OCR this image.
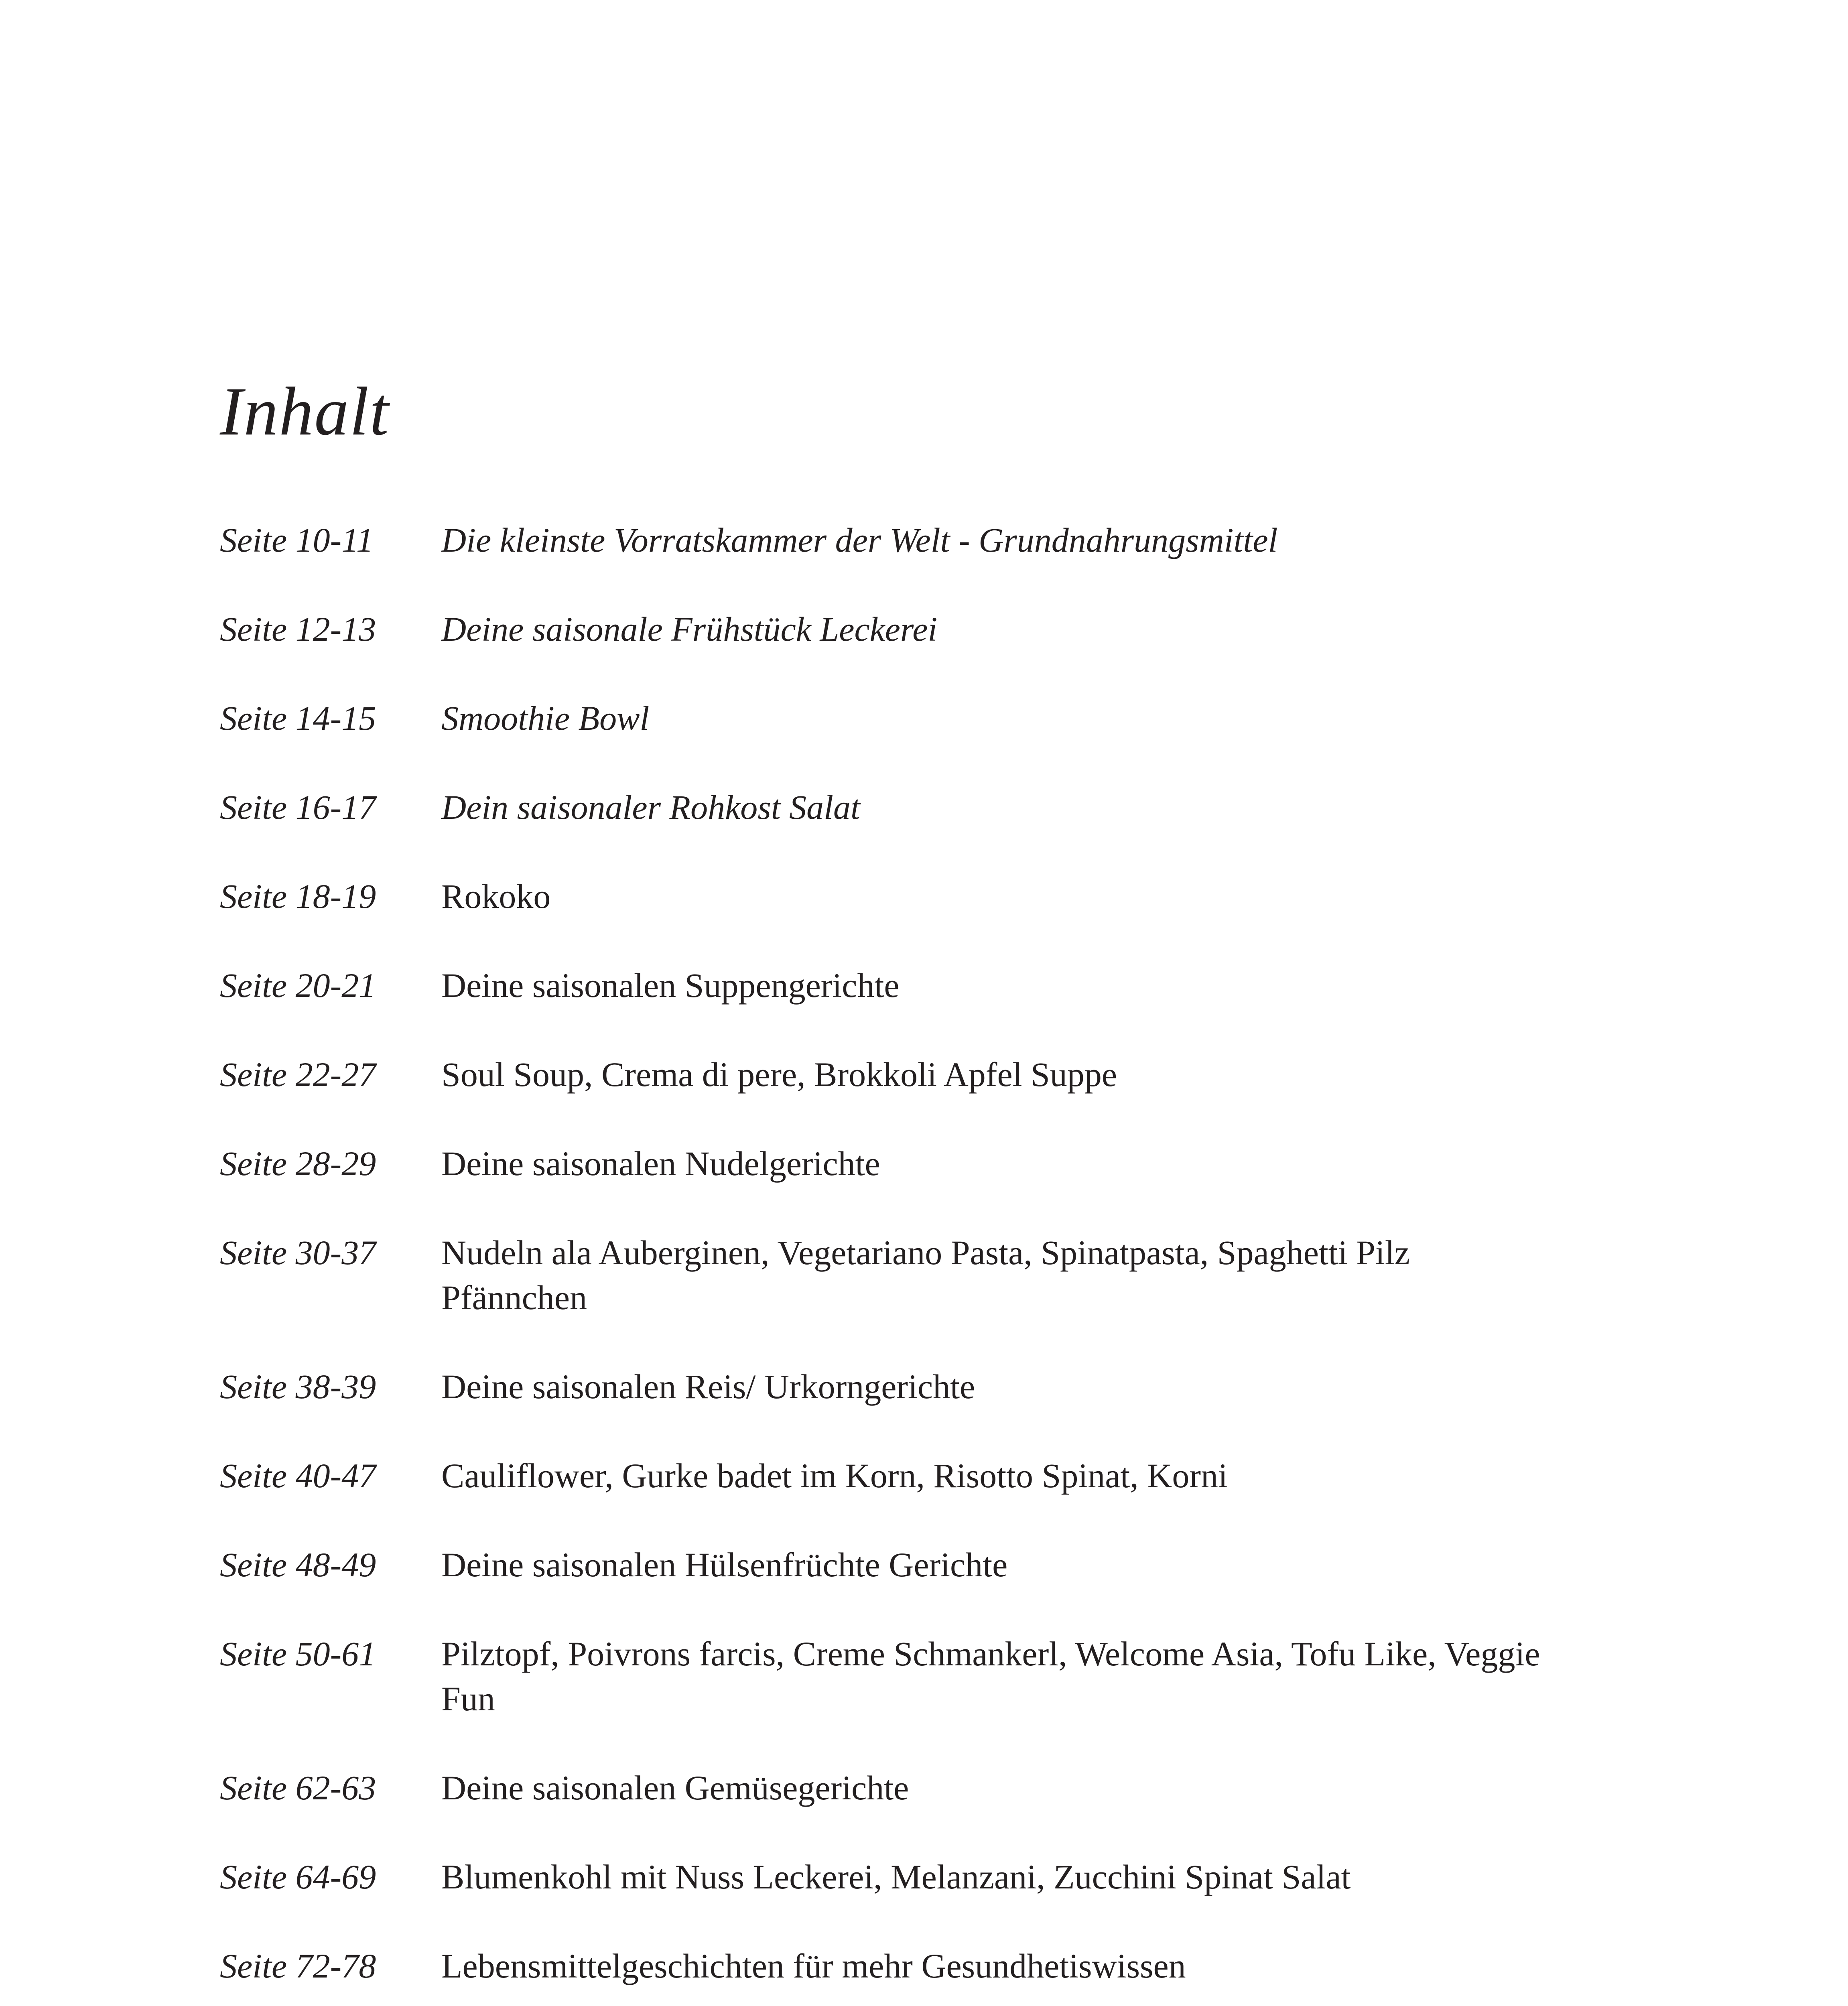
Inhalt
Seite 10-11	Die kleinste Vorratskammer der Welt - Grundnahrungsmittel
Seite 12-13	Deine saisonale Frühstück Leckerei
Seite 14-15	Smoothie Bowl
Seite 16-17	Dein saisonaler Rohkost Salat
Seite 18-19	Rokoko
Seite 20-21	Deine saisonalen Suppengerichte
Seite 22-27	Soul Soup, Crema di pere, Brokkoli Apfel Suppe
Seite 28-29	Deine saisonalen Nudelgerichte
Seite 30-37	Nudeln ala Auberginen, Vegetariano Pasta, Spinatpasta, Spaghetti Pilz Pfännchen
Seite 38-39	Deine saisonalen Reis/ Urkorngerichte
Seite 40-47	Cauliflower, Gurke badet im Korn, Risotto Spinat, Korni
Seite 48-49	Deine saisonalen Hülsenfrüchte Gerichte
Seite 50-61	Pilztopf, Poivrons farcis, Creme Schmankerl, Welcome Asia, Tofu Like, Veggie Fun
Seite 62-63	Deine saisonalen Gemüsegerichte
Seite 64-69	Blumenkohl mit Nuss Leckerei, Melanzani, Zucchini Spinat Salat
Seite 72-78	Lebensmittelgeschichten für mehr Gesundhetiswissen
